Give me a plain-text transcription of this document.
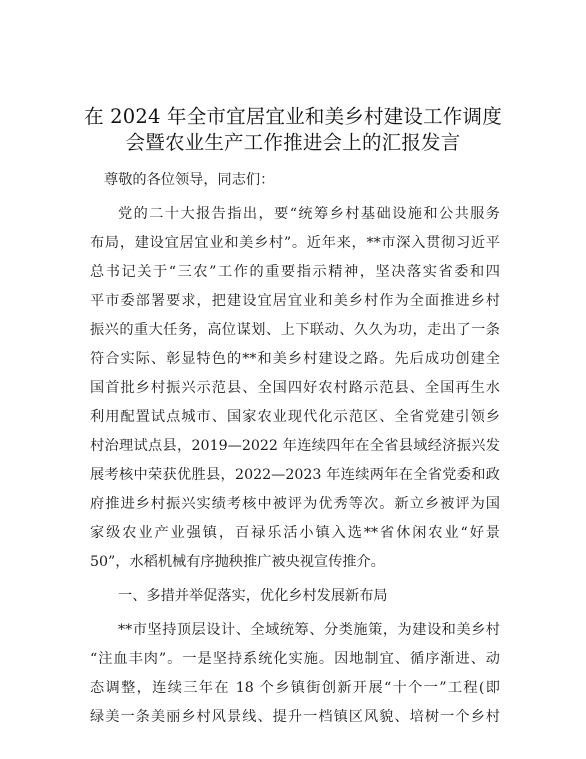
在 2024 年全市宜居宜业和美乡村建设工作调度
会暨农业生产工作推进会上的汇报发言
尊敬的各位领导，同志们：
党的二十大报告指出，要“统筹乡村基础设施和公共服务
布局，建设宜居宜业和美乡村”。近年来，**市深入贯彻习近平
总书记关于“三农”工作的重要指示精神，坚决落实省委和四
平市委部署要求，把建设宜居宜业和美乡村作为全面推进乡村
振兴的重大任务，高位谋划、上下联动、久久为功，走出了一条
符合实际、彰显特色的**和美乡村建设之路。先后成功创建全
国首批乡村振兴示范县、全国四好农村路示范县、全国再生水
利用配置试点城市、国家农业现代化示范区、全省党建引领乡
村治理试点县，2019—2022 年连续四年在全省县域经济振兴发
展考核中荣获优胜县，2022—2023 年连续两年在全省党委和政
府推进乡村振兴实绩考核中被评为优秀等次。新立乡被评为国
家级农业产业强镇，百禄乐活小镇入选**省休闲农业“好景
50”，水稻机械有序抛秧推广被央视宣传推介。
一、多措并举促落实，优化乡村发展新布局
**市坚持顶层设计、全域统筹、分类施策，为建设和美乡村
“注血丰肉”。一是坚持系统化实施。因地制宜、循序渐进、动
态调整，连续三年在 18 个乡镇街创新开展“十个一”工程(即
绿美一条美丽乡村风景线、提升一档镇区风貌、培树一个乡村
